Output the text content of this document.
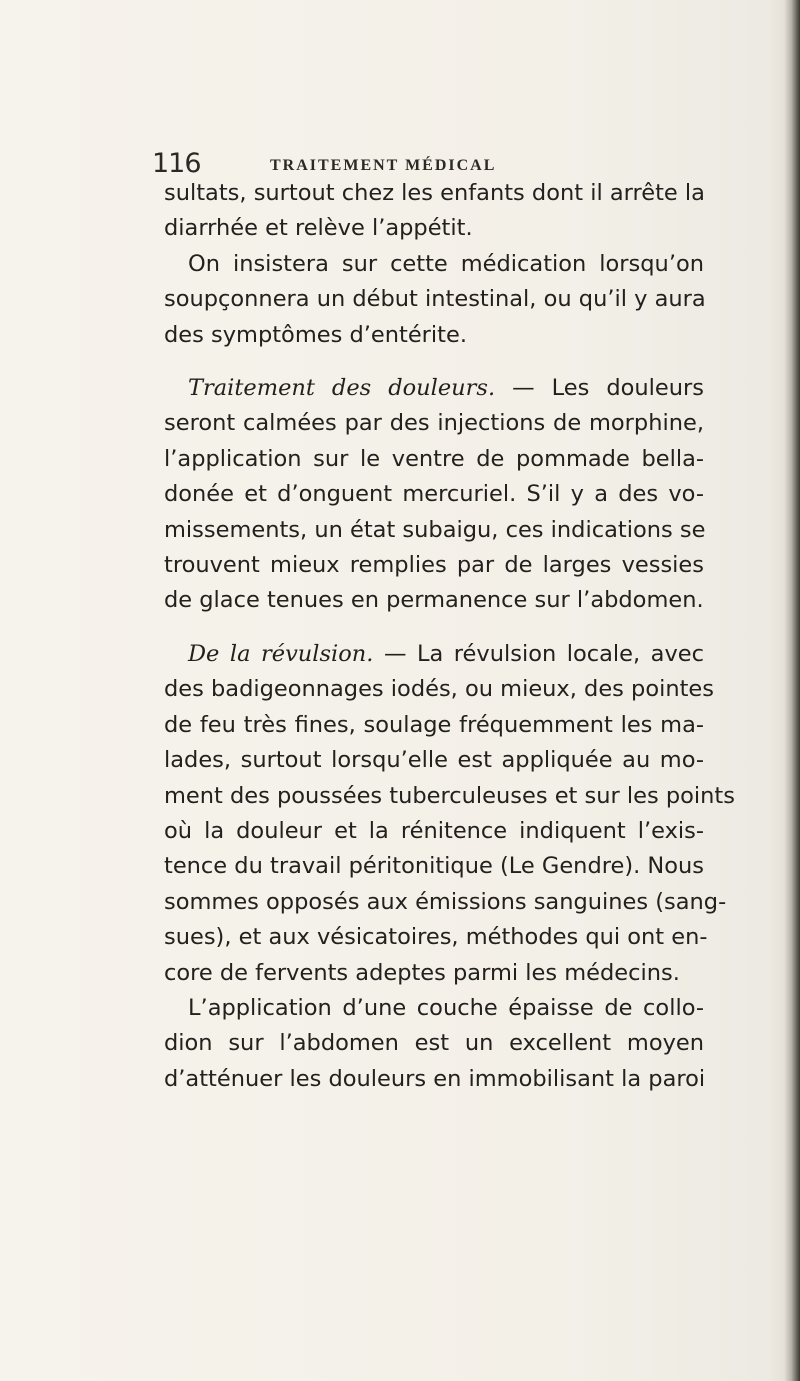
116	TRAITEMENT MÉDICAL
sultats, surtout chez les enfants dont il arrête la
diarrhée et relève l’appétit.
On insistera sur cette médication lorsqu’on
soupçonnera un début intestinal, ou qu’il y aura
des symptômes d’entérite.
Traitement des douleurs. — Les douleurs
seront calmées par des injections de morphine,
l’application sur le ventre de pommade bella-
donée et d’onguent mercuriel. S’il y a des vo-
missements, un état subaigu, ces indications se
trouvent mieux remplies par de larges vessies
de glace tenues en permanence sur l’abdomen.
De la révulsion. — La révulsion locale, avec
des badigeonnages iodés, ou mieux, des pointes
de feu très fines, soulage fréquemment les ma-
lades, surtout lorsqu’elle est appliquée au mo-
ment des poussées tuberculeuses et sur les points
où la douleur et la rénitence indiquent l’exis-
tence du travail péritonitique (Le Gendre). Nous
sommes opposés aux émissions sanguines (sang-
sues), et aux vésicatoires, méthodes qui ont en-
core de fervents adeptes parmi les médecins.
L’application d’une couche épaisse de collo-
dion sur l’abdomen est un excellent moyen
d’atténuer les douleurs en immobilisant la paroi
